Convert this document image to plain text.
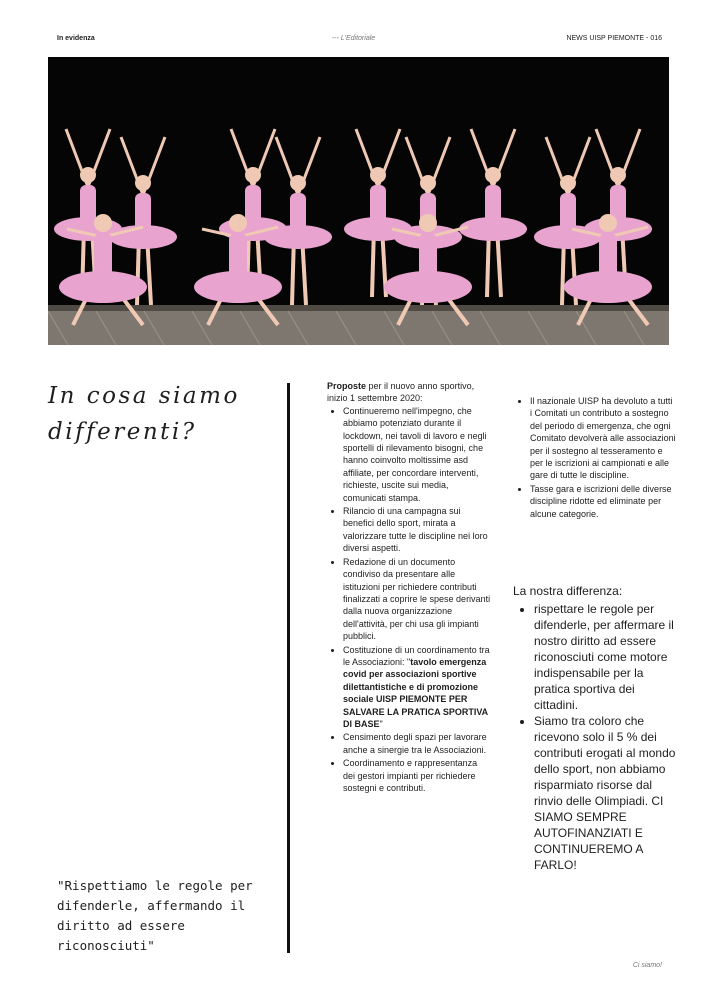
In evidenza	--- L'Editoriale	NEWS UISP PIEMONTE - 016
In cosa siamo differenti?
"Rispettiamo le regole per difenderle, affermando il diritto ad essere riconosciuti"

Proposte per il nuovo anno sportivo, inizio 1 settembre 2020:

• Continueremo nell'impegno, che abbiamo potenziato durante il lockdown, nei tavoli di lavoro e negli sportelli di rilevamento bisogni, che hanno coinvolto moltissime asd affiliate, per concordare interventi, richieste, uscite sui media, comunicati stampa.
• Rilancio di una campagna sui benefici dello sport, mirata a valorizzare tutte le discipline nei loro diversi aspetti.
• Redazione di un documento condiviso da presentare alle istituzioni per richiedere contributi finalizzati a coprire le spese derivanti dalla nuova organizzazione dell'attività, per chi usa gli impianti pubblici.
• Costituzione di un coordinamento tra le Associazioni: "tavolo emergenza covid per associazioni sportive dilettantistiche e di promozione sociale UISP PIEMONTE PER SALVARE LA PRATICA SPORTIVA DI BASE"
• Censimento degli spazi per lavorare anche a sinergie tra le Associazioni.
• Coordinamento e rappresentanza dei gestori impianti per richiedere sostegni e contributi.
• Il nazionale UISP ha devoluto a tutti i Comitati un contributo a sostegno del periodo di emergenza, che ogni Comitato devolverà alle associazioni per il sostegno al tesseramento e per le iscrizioni ai campionati e alle gare di tutte le discipline.
• Tasse gara e iscrizioni delle diverse discipline ridotte ed eliminate per alcune categorie.

La nostra differenza:

• rispettare le regole per difenderle, per affermare il nostro diritto ad essere riconosciuti come motore indispensabile per la pratica sportiva dei cittadini.
• Siamo tra coloro che ricevono solo il 5 % dei contributi erogati al mondo dello sport, non abbiamo risparmiato risorse dal rinvio delle Olimpiadi. CI SIAMO SEMPRE AUTOFINANZIATI E CONTINUEREMO A FARLO!
Ci siamo!
